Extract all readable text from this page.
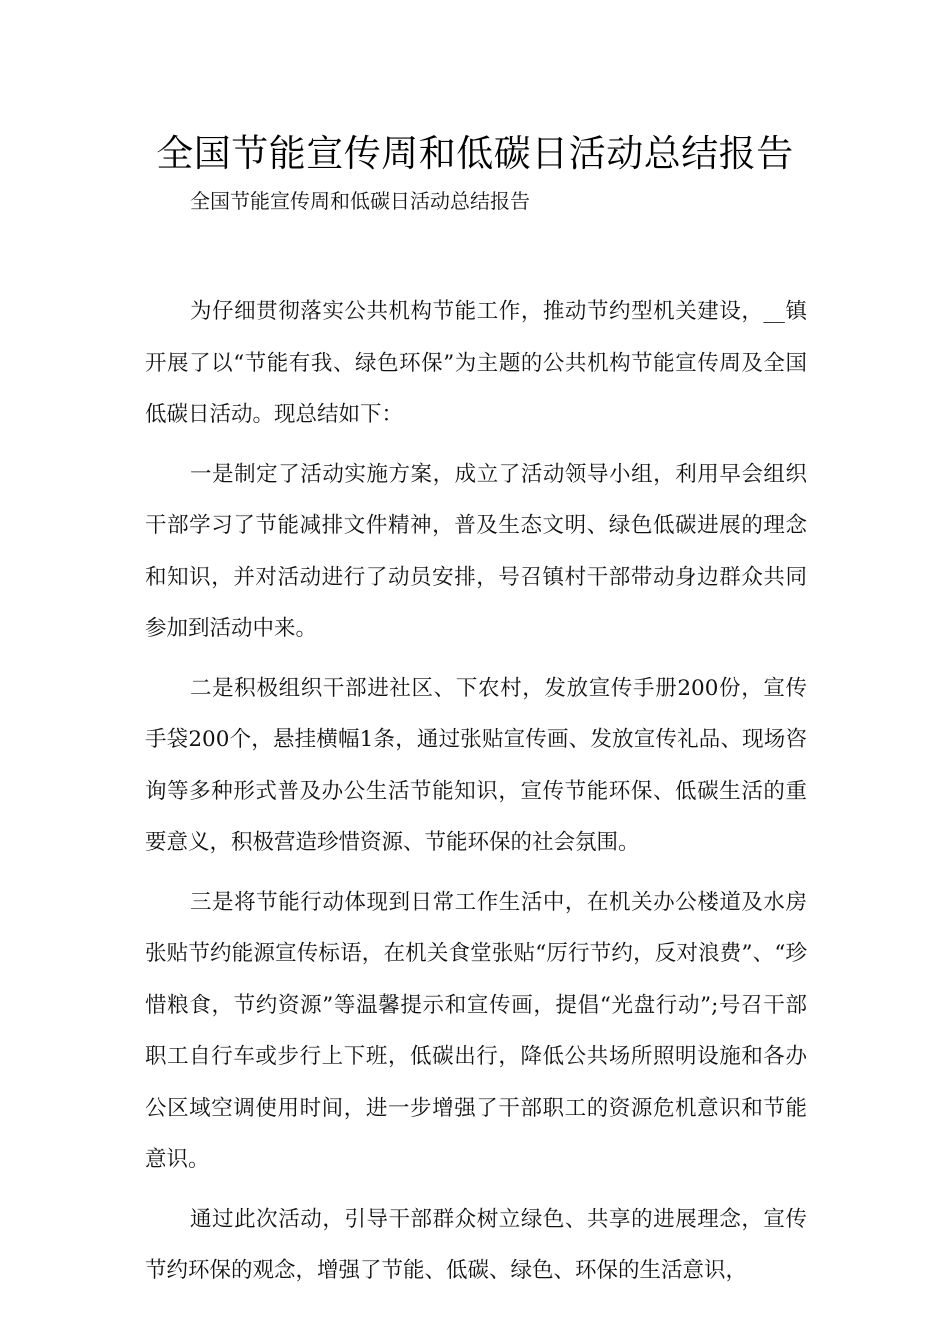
全国节能宣传周和低碳日活动总结报告

全国节能宣传周和低碳日活动总结报告

为仔细贯彻落实公共机构节能工作，推动节约型机关建设，__镇开展了以“节能有我、绿色环保”为主题的公共机构节能宣传周及全国低碳日活动。现总结如下：

一是制定了活动实施方案，成立了活动领导小组，利用早会组织干部学习了节能减排文件精神，普及生态文明、绿色低碳进展的理念和知识，并对活动进行了动员安排，号召镇村干部带动身边群众共同参加到活动中来。

二是积极组织干部进社区、下农村，发放宣传手册200份，宣传手袋200个，悬挂横幅1条，通过张贴宣传画、发放宣传礼品、现场咨询等多种形式普及办公生活节能知识，宣传节能环保、低碳生活的重要意义，积极营造珍惜资源、节能环保的社会氛围。

三是将节能行动体现到日常工作生活中，在机关办公楼道及水房张贴节约能源宣传标语，在机关食堂张贴“厉行节约，反对浪费”、“珍惜粮食，节约资源”等温馨提示和宣传画，提倡“光盘行动”;号召干部职工自行车或步行上下班，低碳出行，降低公共场所照明设施和各办公区域空调使用时间，进一步增强了干部职工的资源危机意识和节能意识。

通过此次活动，引导干部群众树立绿色、共享的进展理念，宣传节约环保的观念，增强了节能、低碳、绿色、环保的生活意识，
